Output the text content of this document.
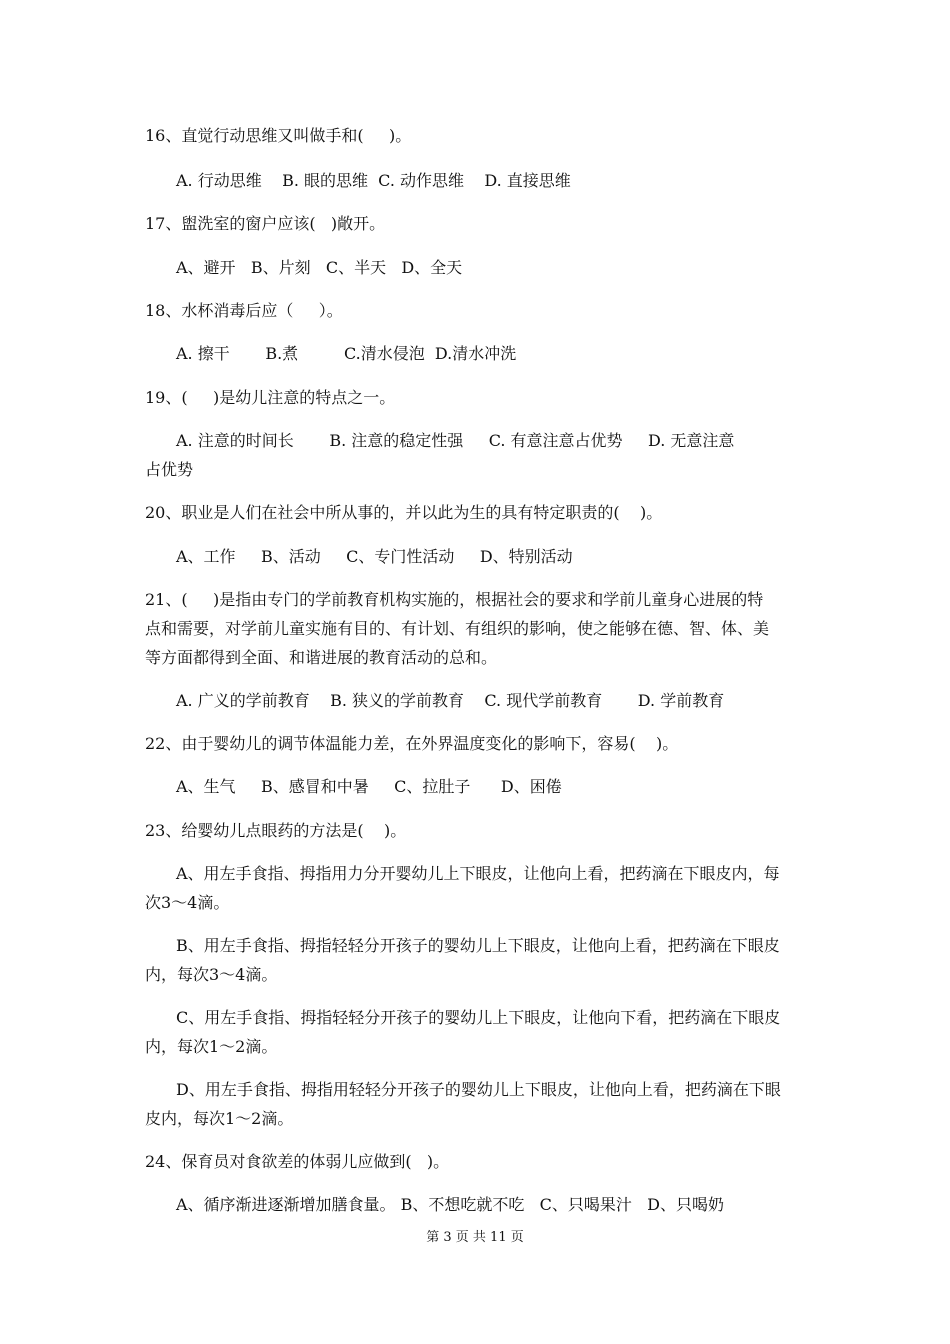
16、直觉行动思维又叫做手和(     )。
A. 行动思维    B. 眼的思维  C. 动作思维    D. 直接思维
17、盥洗室的窗户应该(   )敞开。
A、避开   B、片刻   C、半天   D、全天
18、水杯消毒后应（     ）。
A. 擦干       B.煮         C.清水侵泡  D.清水冲洗
19、(     )是幼儿注意的特点之一。
A. 注意的时间长       B. 注意的稳定性强     C. 有意注意占优势     D. 无意注意
占优势
20、职业是人们在社会中所从事的，并以此为生的具有特定职责的(    )。
A、工作     B、活动     C、专门性活动     D、特别活动
21、(     )是指由专门的学前教育机构实施的，根据社会的要求和学前儿童身心进展的特
点和需要，对学前儿童实施有目的、有计划、有组织的影响，使之能够在德、智、体、美
等方面都得到全面、和谐进展的教育活动的总和。
A. 广义的学前教育    B. 狭义的学前教育    C. 现代学前教育       D. 学前教育
22、由于婴幼儿的调节体温能力差，在外界温度变化的影响下，容易(    )。
A、生气     B、感冒和中暑     C、拉肚子      D、困倦
23、给婴幼儿点眼药的方法是(    )。
A、用左手食指、拇指用力分开婴幼儿上下眼皮，让他向上看，把药滴在下眼皮内，每
次3～4滴。
B、用左手食指、拇指轻轻分开孩子的婴幼儿上下眼皮，让他向上看，把药滴在下眼皮
内，每次3～4滴。
C、用左手食指、拇指轻轻分开孩子的婴幼儿上下眼皮，让他向下看，把药滴在下眼皮
内，每次1～2滴。
D、用左手食指、拇指用轻轻分开孩子的婴幼儿上下眼皮，让他向上看，把药滴在下眼
皮内，每次1～2滴。
24、保育员对食欲差的体弱儿应做到(   )。
A、循序渐进逐渐增加膳食量。 B、不想吃就不吃   C、只喝果汁   D、只喝奶
第 3 页 共 11 页
